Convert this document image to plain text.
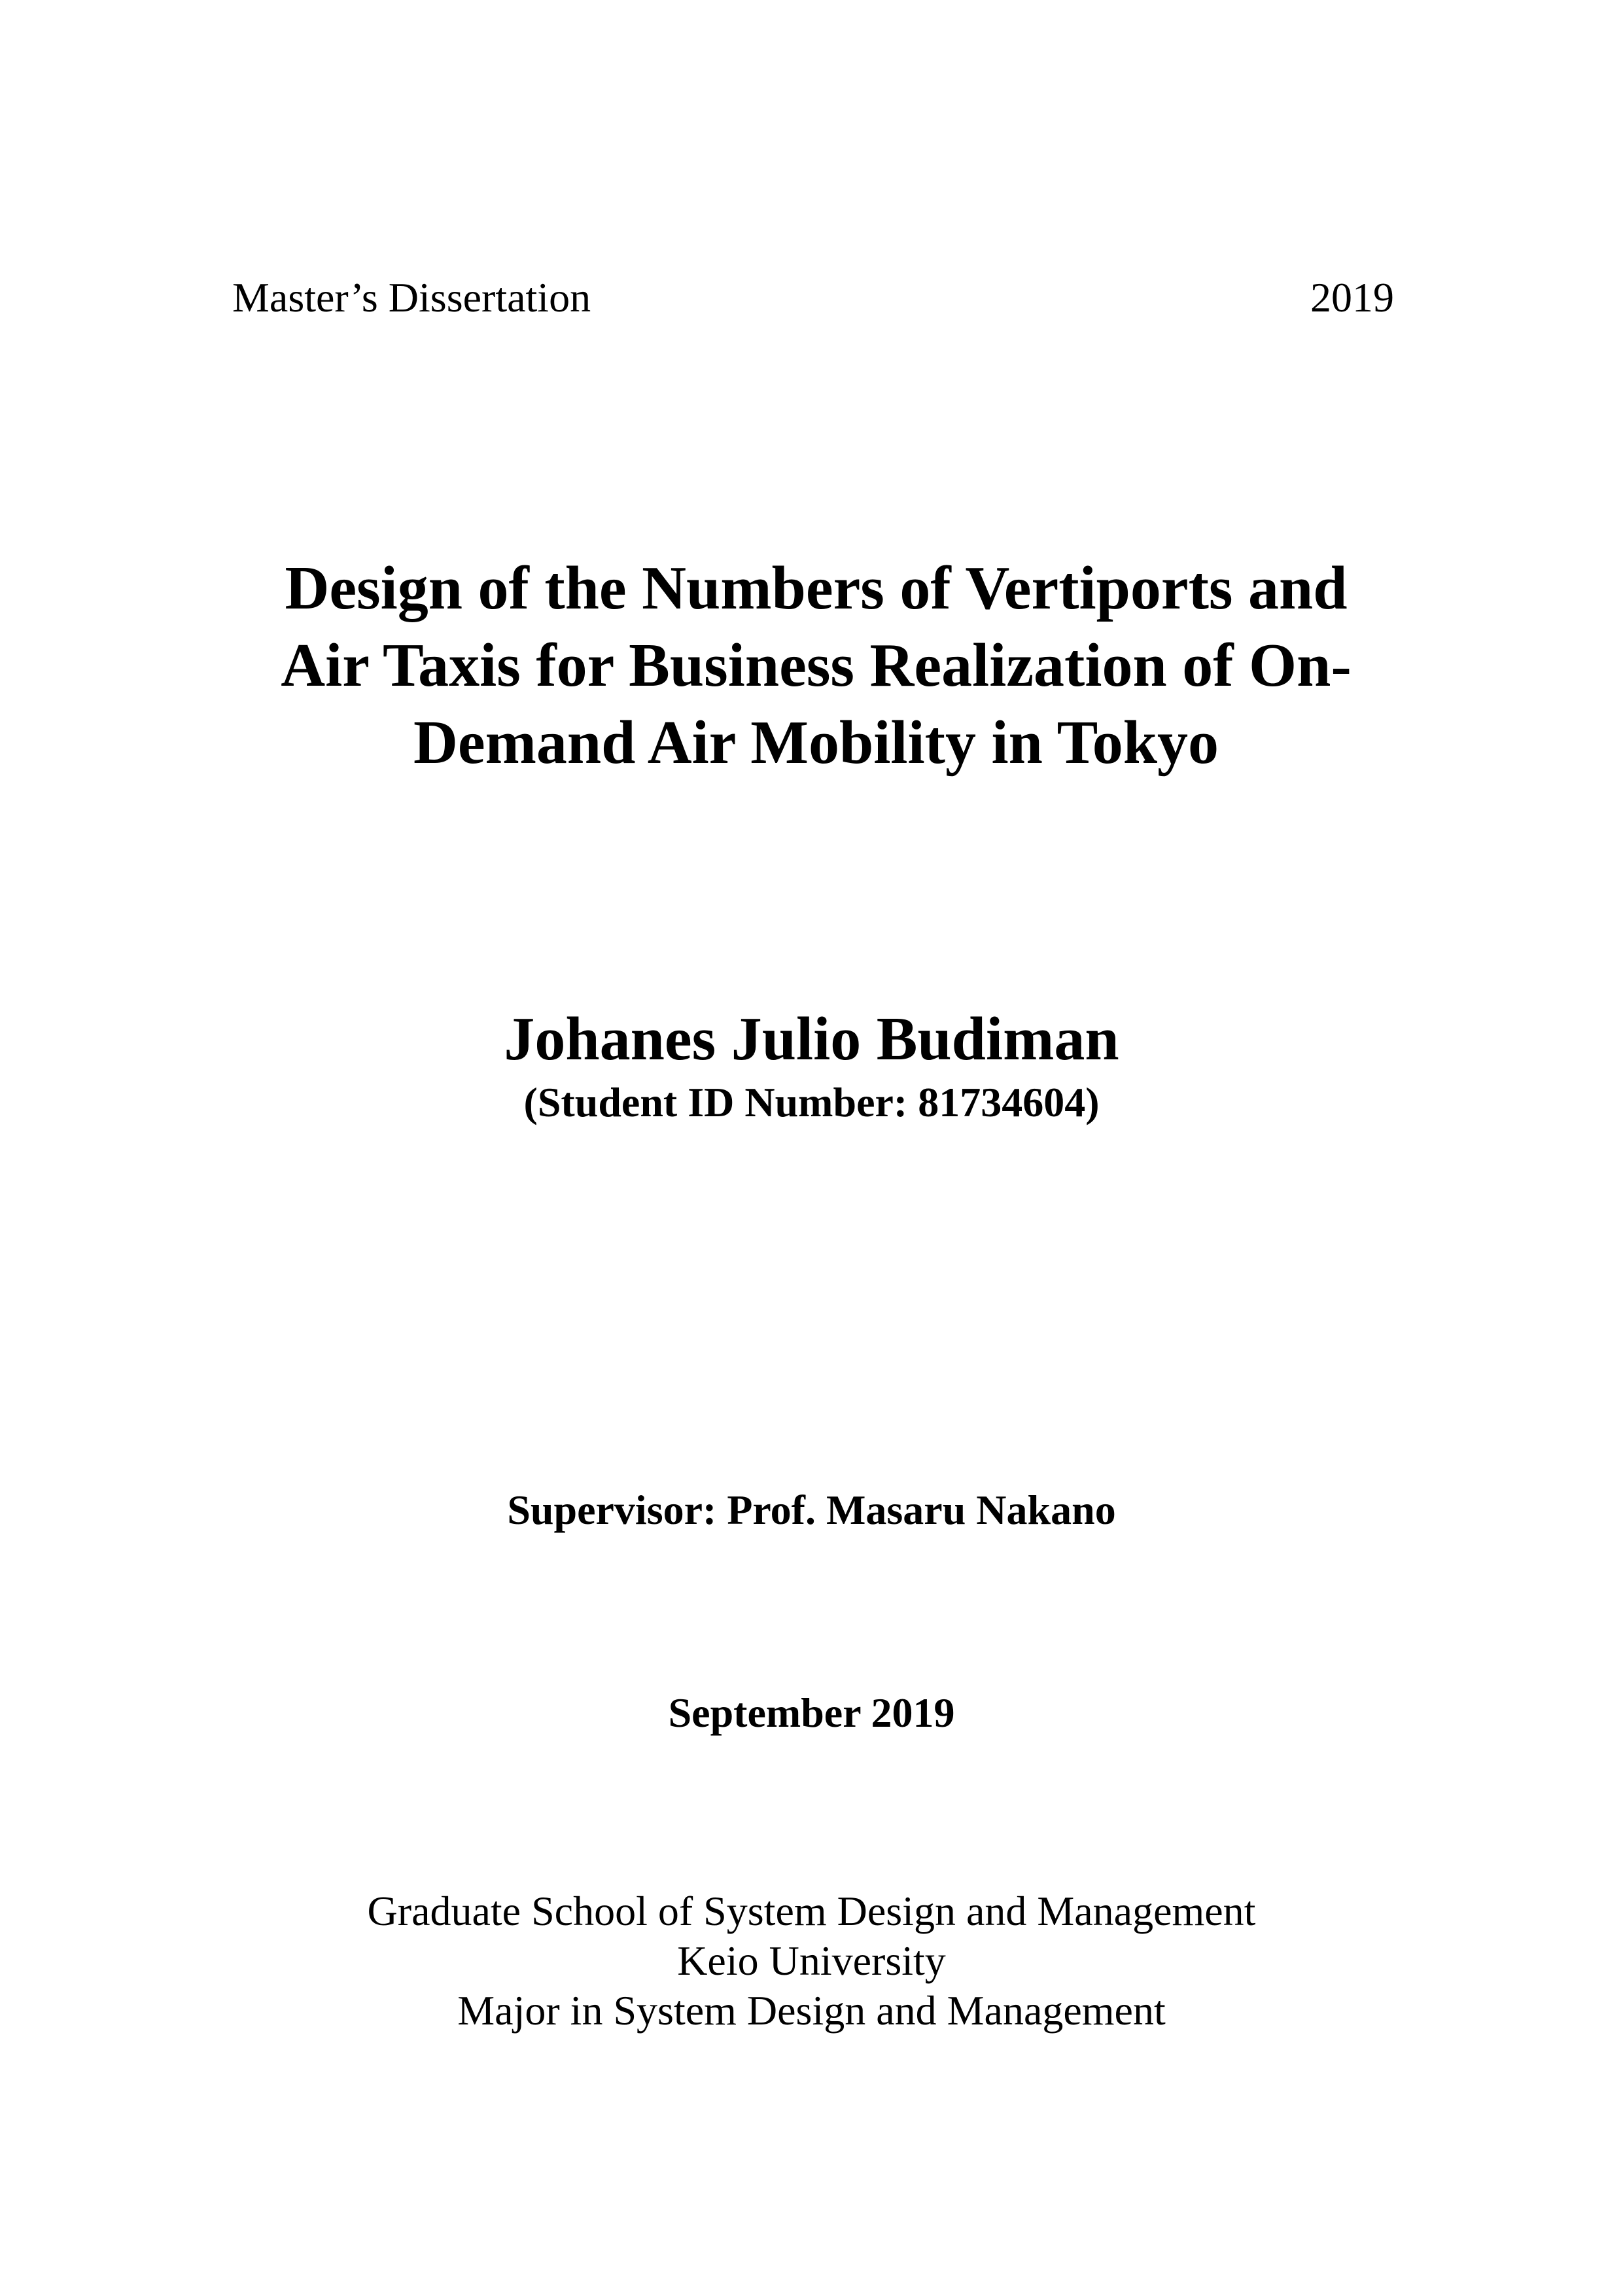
Master’s Dissertation	2019
Design of the Numbers of Vertiports and
Air Taxis for Business Realization of On-
Demand Air Mobility in Tokyo
Johanes Julio Budiman
(Student ID Number: 81734604)
Supervisor: Prof. Masaru Nakano
September 2019
Graduate School of System Design and Management
Keio University
Major in System Design and Management
